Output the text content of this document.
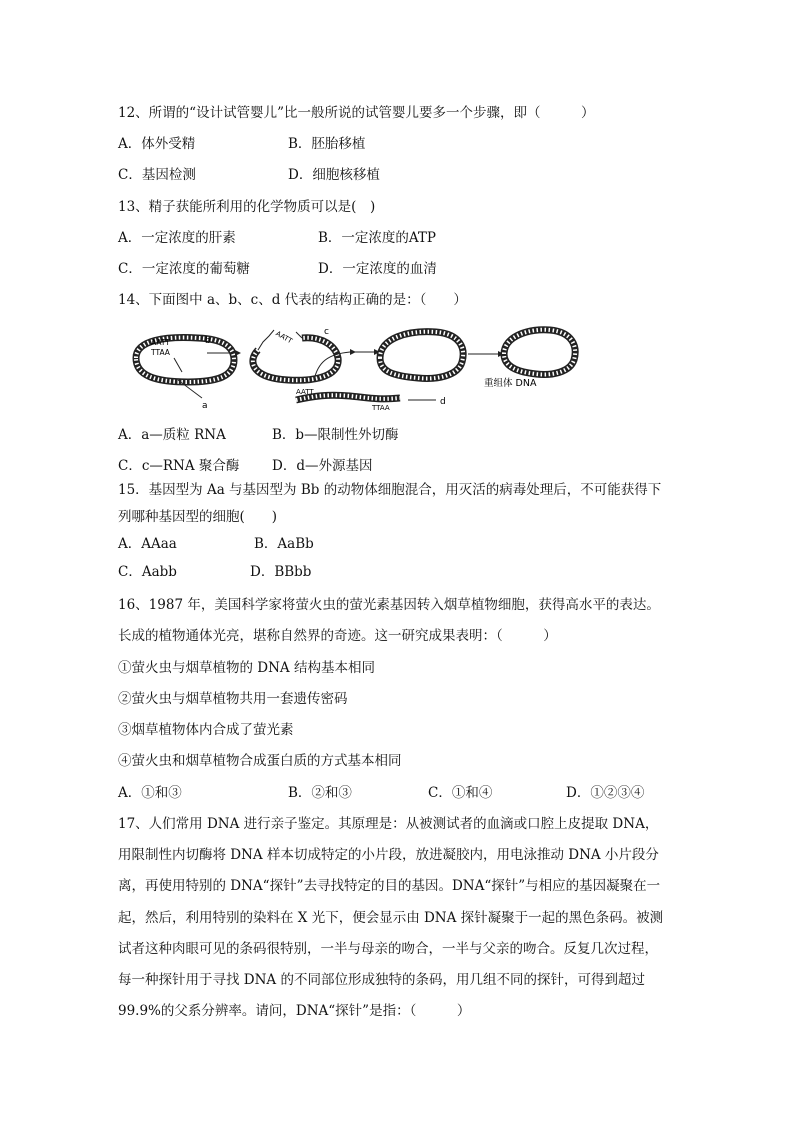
12、所谓的“设计试管婴儿”比一般所说的试管婴儿要多一个步骤，即（　　　）
A．体外受精	B．胚胎移植
C．基因检测	D．细胞核移植
13、精子获能所利用的化学物质可以是(　)
A．一定浓度的肝素	B．一定浓度的ATP
C．一定浓度的葡萄糖	D．一定浓度的血清
14、下面图中 a、b、c、d 代表的结构正确的是：（　　）
AATT
TTAA
a
b	AATT	c
重组体 DNA
AATT
TTAA
d
A．a—质粒 RNA	B．b—限制性外切酶
C．c—RNA 聚合酶 D．d—外源基因
15．基因型为 Aa 与基因型为 Bb 的动物体细胞混合，用灭活的病毒处理后，不可能获得下
列哪种基因型的细胞(　　)
A．AAaa	B．AaBb
C．Aabb	D．BBbb
16、1987 年，美国科学家将萤火虫的萤光素基因转入烟草植物细胞，获得高水平的表达。
长成的植物通体光亮，堪称自然界的奇迹。这一研究成果表明：（　　　）
①萤火虫与烟草植物的 DNA 结构基本相同
②萤火虫与烟草植物共用一套遗传密码
③烟草植物体内合成了萤光素
④萤火虫和烟草植物合成蛋白质的方式基本相同
A．①和③	B．②和③	C．①和④	D．①②③④
17、人们常用 DNA 进行亲子鉴定。其原理是：从被测试者的血滴或口腔上皮提取 DNA，
用限制性内切酶将 DNA 样本切成特定的小片段，放进凝胶内，用电泳推动 DNA 小片段分
离，再使用特别的 DNA“探针”去寻找特定的目的基因。DNA“探针”与相应的基因凝聚在一
起，然后，利用特别的染料在 X 光下，便会显示由 DNA 探针凝聚于一起的黑色条码。被测
试者这种肉眼可见的条码很特别，一半与母亲的吻合，一半与父亲的吻合。反复几次过程，
每一种探针用于寻找 DNA 的不同部位形成独特的条码，用几组不同的探针，可得到超过
99.9%的父系分辨率。请问，DNA“探针”是指：（　　　）
